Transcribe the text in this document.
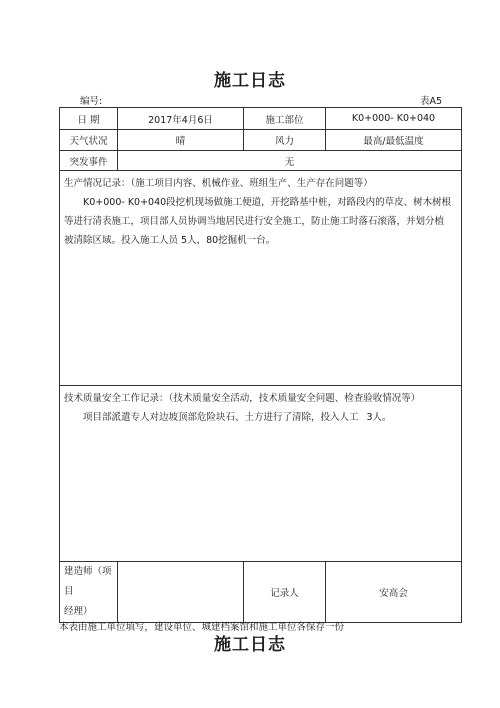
施工日志
编号:	表A5
日 期	2017年4月6日	施工部位	K0+000- K0+040
天气状况	晴	风力	最高/最低温度
突发事件	无		

生产情况记录：（施工项目内容、机械作业、班组生产、生产存在问题等）
K0+000- K0+040段挖机现场做施工便道，开挖路基中桩，对路段内的草皮、树木树根等进行清表施工，项目部人员协调当地居民进行安全施工，防止施工时落石滚落，并划分植被清除区域。投入施工人员 5人，80挖掘机一台。			

技术质量安全工作记录：（技术质量安全活动，技术质量安全问题、检查验收情况等）
项目部派遣专人对边坡顶部危险块石、土方进行了清除，投入人工 3人。			

建造师（项目
经理）		记录人	安高会
本表由施工单位填写，建设单位、城建档案馆和施工单位各保存一份
施工日志
